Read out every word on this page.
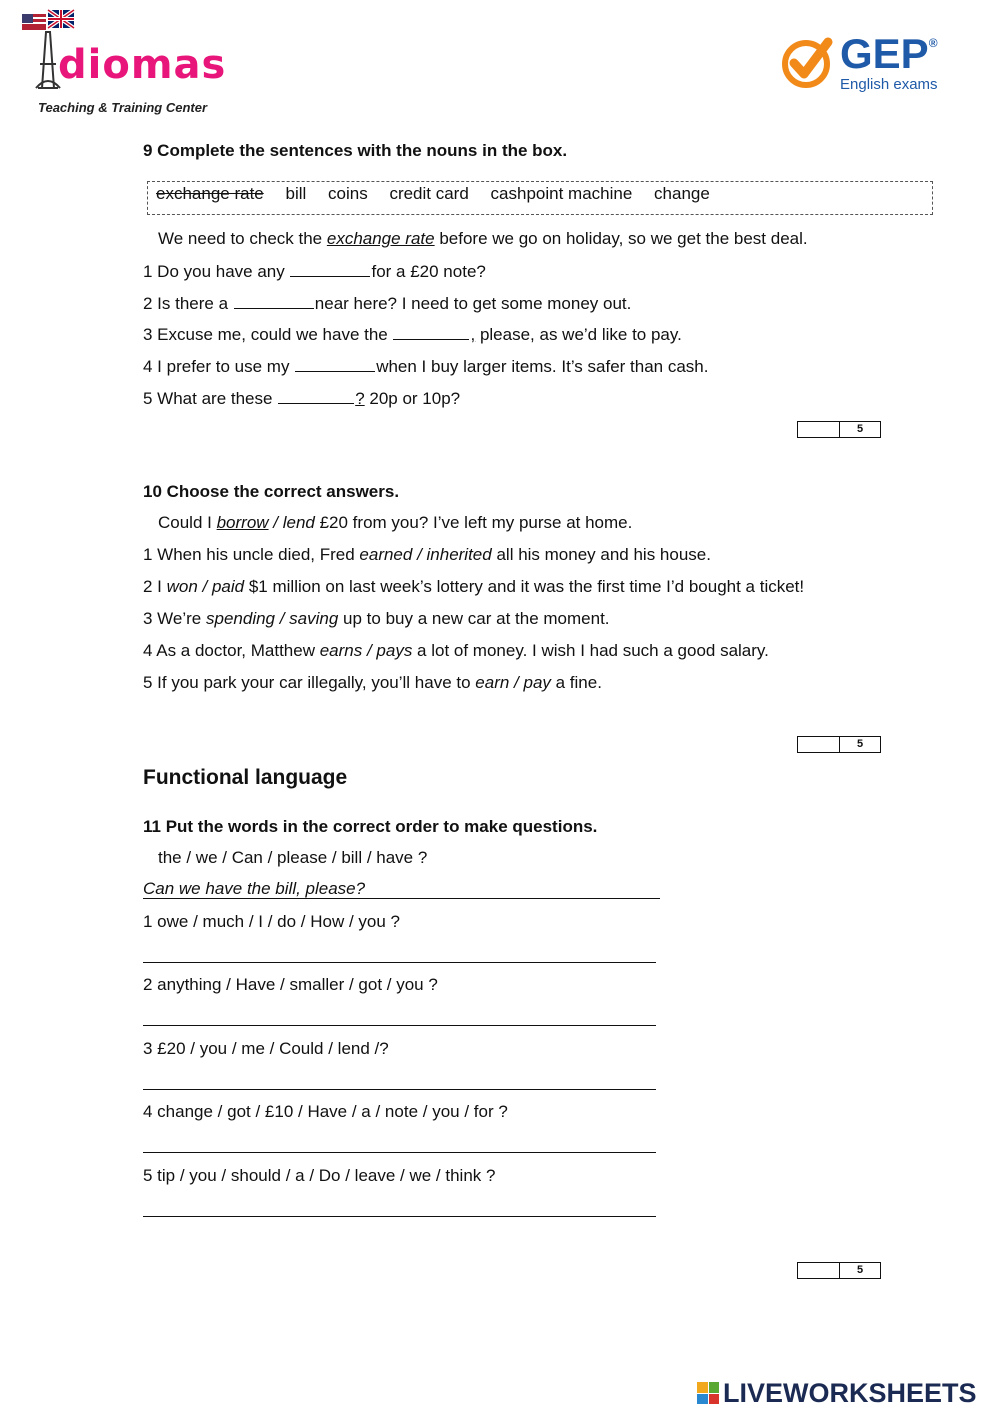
diomas
Teaching & Training Center
GEP®
English exams
9 Complete the sentences with the nouns in the box.
exchange rate bill coins credit card cashpoint machine change
We need to check the exchange rate before we go on holiday, so we get the best deal.
1 Do you have any	for a £20 note?
2 Is there a	near here? I need to get some money out.
3 Excuse me, could we have the	, please, as we’d like to pay.
4 I prefer to use my	when I buy larger items. It’s safer than cash.
5 What are these	? 20p or 10p?
5
10 Choose the correct answers.
Could I borrow / lend £20 from you? I’ve left my purse at home.
1 When his uncle died, Fred earned / inherited all his money and his house.
2 I won / paid $1 million on last week’s lottery and it was the first time I’d bought a ticket!
3 We’re spending / saving up to buy a new car at the moment.
4 As a doctor, Matthew earns / pays a lot of money. I wish I had such a good salary.
5 If you park your car illegally, you’ll have to earn / pay a fine.
5
Functional language
11 Put the words in the correct order to make questions.
the / we / Can / please / bill / have ?
Can we have the bill, please?
1 owe / much / I / do / How / you ?
2 anything / Have / smaller / got / you ?
3 £20 / you / me / Could / lend /?
4 change / got / £10 / Have / a / note / you / for ?
5 tip / you / should / a / Do / leave / we / think ?
5
LIVEWORKSHEETS
